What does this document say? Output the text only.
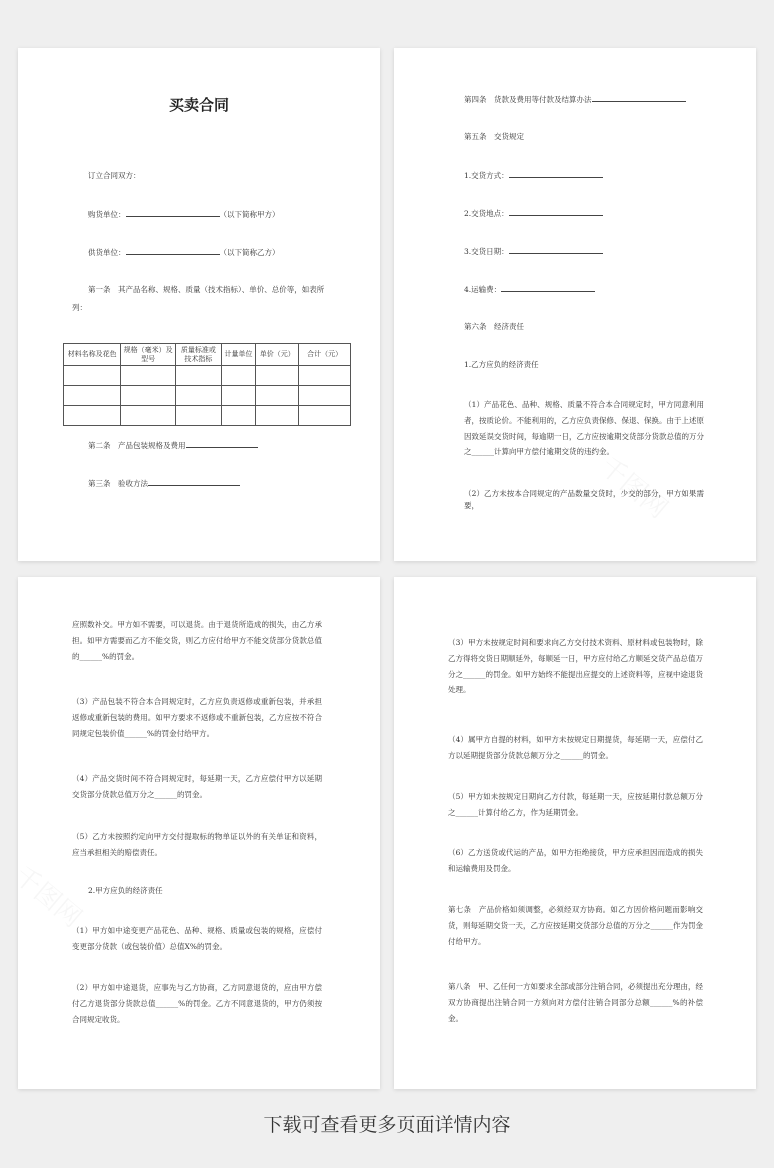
买卖合同
订立合同双方：
购货单位：	（以下简称甲方）
供货单位：	（以下简称乙方）
第一条　其产品名称、规格、质量（技术指标）、单价、总价等，如表所
列：
材料名称及花色	规格（毫米）及型号	质量标准或技术指标	计量单位	单价（元）	合计（元）

第二条　产品包装规格及费用
第三条　验收方法
第四条　货款及费用等付款及结算办法
第五条　交货规定
1.交货方式：
2.交货地点：
3.交货日期：
4.运输费：
第六条　经济责任
1.乙方应负的经济责任
（1）产品花色、品种、规格、质量不符合本合同规定时，甲方同意利用者，按质论价。不能利用的，乙方应负责保修、保退、保换。由于上述原因致延误交货时间，每逾期一日，乙方应按逾期交货部分货款总值的万分之______计算向甲方偿付逾期交货的违约金。
（2）乙方未按本合同规定的产品数量交货时，少交的部分，甲方如果需要，
应照数补交。甲方如不需要，可以退货。由于退货所造成的损失，由乙方承担。如甲方需要而乙方不能交货，则乙方应付给甲方不能交货部分货款总值的______%的罚金。
（3）产品包装不符合本合同规定时，乙方应负责返修或重新包装，并承担返修或重新包装的费用。如甲方要求不返修或不重新包装，乙方应按不符合同规定包装价值______%的罚金付给甲方。
（4）产品交货时间不符合同规定时，每延期一天，乙方应偿付甲方以延期交货部分货款总值万分之______的罚金。
（5）乙方未按照约定向甲方交付提取标的物单证以外的有关单证和资料，应当承担相关的赔偿责任。
2.甲方应负的经济责任
（1）甲方如中途变更产品花色、品种、规格、质量或包装的规格，应偿付变更部分货款（或包装价值）总值X%的罚金。
（2）甲方如中途退货，应事先与乙方协商，乙方同意退货的，应由甲方偿付乙方退货部分货款总值______%的罚金。乙方不同意退货的，甲方仍须按合同规定收货。
（3）甲方未按规定时间和要求向乙方交付技术资料、原材料或包装物时，除乙方得将交货日期顺延外，每顺延一日，甲方应付给乙方顺延交货产品总值万分之______的罚金。如甲方始终不能提出应提交的上述资料等，应视中途退货处理。
（4）属甲方自提的材料，如甲方未按规定日期提货，每延期一天，应偿付乙方以延期提货部分货款总额万分之______的罚金。
（5）甲方如未按规定日期向乙方付款，每延期一天，应按延期付款总额万分之______计算付给乙方，作为延期罚金。
（6）乙方送货或代运的产品，如甲方拒绝接货，甲方应承担因而造成的损失和运输费用及罚金。
第七条　产品价格如须调整，必须经双方协商。如乙方因价格问题而影响交货，则每延期交货一天，乙方应按延期交货部分总值的万分之______作为罚金付给甲方。
第八条　甲、乙任何一方如要求全部或部分注销合同，必须提出充分理由，经双方协商提出注销合同一方须向对方偿付注销合同部分总额______%的补偿金。
下载可查看更多页面详情内容
